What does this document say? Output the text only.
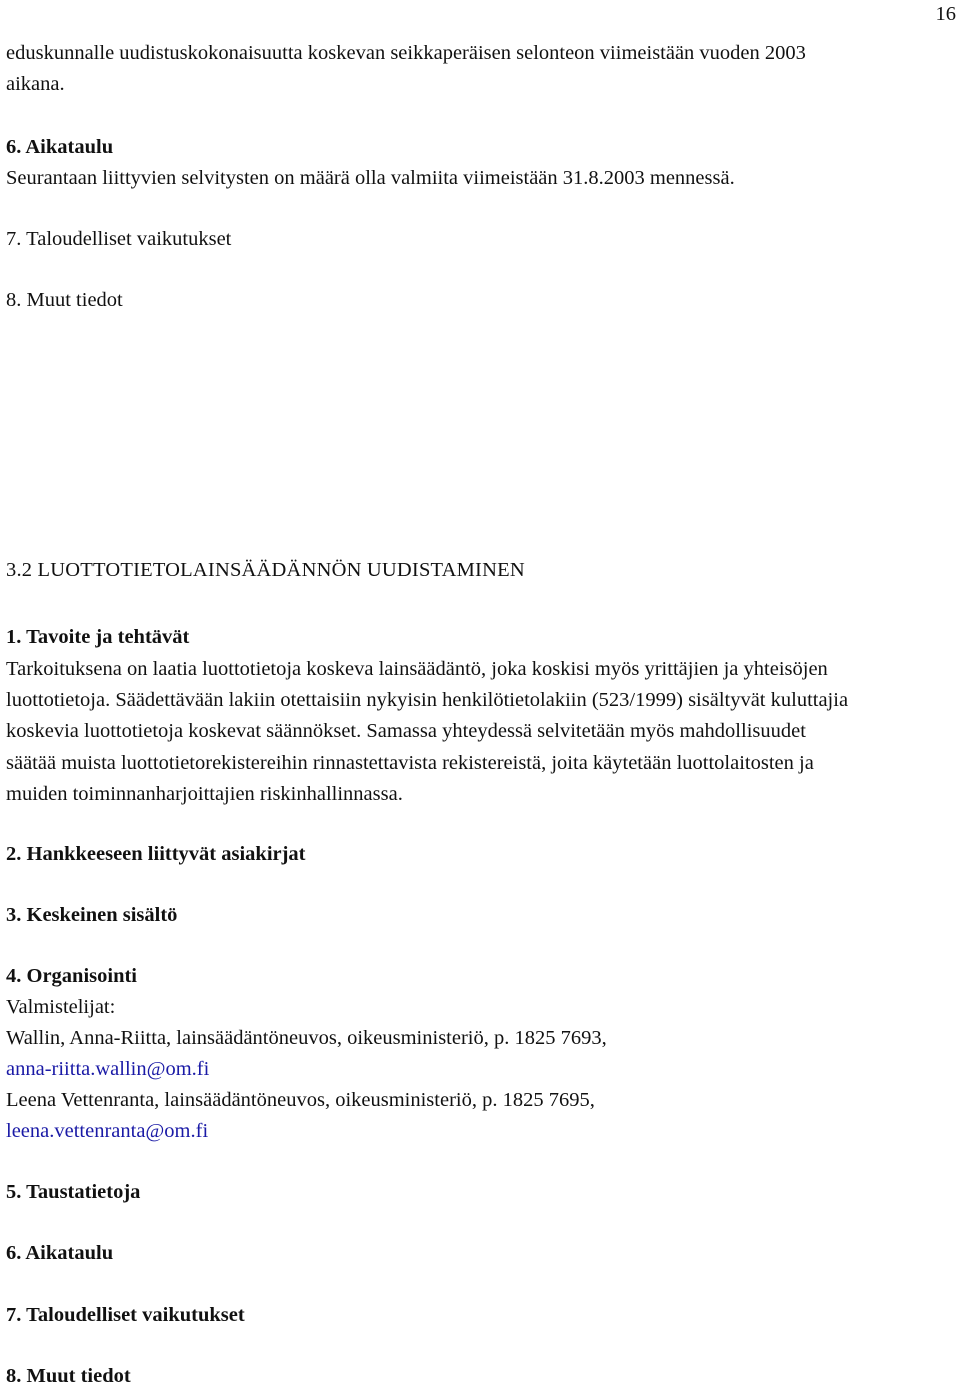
16
eduskunnalle uudistuskokonaisuutta koskevan seikkaperäisen selonteon viimeistään vuoden 2003
aikana.
6. Aikataulu
Seurantaan liittyvien selvitysten on määrä olla valmiita viimeistään 31.8.2003 mennessä.
7. Taloudelliset vaikutukset
8. Muut tiedot
3.2 LUOTTOTIETOLAINSÄÄDÄNNÖN UUDISTAMINEN
1. Tavoite ja tehtävät
Tarkoituksena on laatia luottotietoja koskeva lainsäädäntö, joka koskisi myös yrittäjien ja yhteisöjen
luottotietoja. Säädettävään lakiin otettaisiin nykyisin henkilötietolakiin (523/1999) sisältyvät kuluttajia
koskevia luottotietoja koskevat säännökset. Samassa yhteydessä selvitetään myös mahdollisuudet
säätää muista luottotietorekistereihin rinnastettavista rekistereistä, joita käytetään luottolaitosten ja
muiden toiminnanharjoittajien riskinhallinnassa.
2. Hankkeeseen liittyvät asiakirjat
3. Keskeinen sisältö
4. Organisointi
Valmistelijat:
Wallin, Anna-Riitta, lainsäädäntöneuvos, oikeusministeriö, p. 1825 7693,
anna-riitta.wallin@om.fi
Leena Vettenranta, lainsäädäntöneuvos, oikeusministeriö, p. 1825 7695,
leena.vettenranta@om.fi
5. Taustatietoja
6. Aikataulu
7. Taloudelliset vaikutukset
8. Muut tiedot
